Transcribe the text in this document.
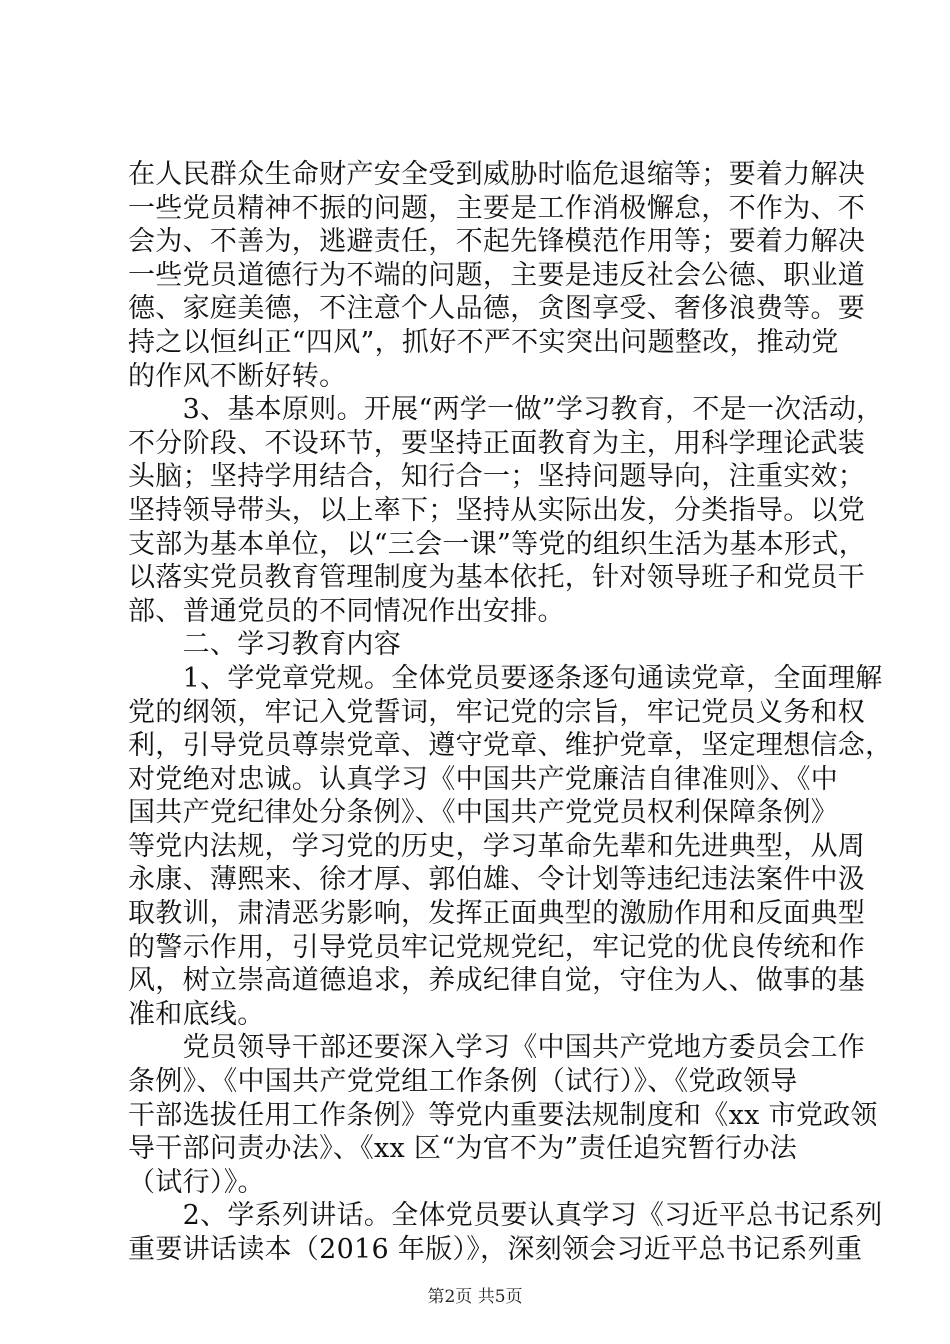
在人民群众生命财产安全受到威胁时临危退缩等；要着力解决
一些党员精神不振的问题，主要是工作消极懈怠，不作为、不
会为、不善为，逃避责任，不起先锋模范作用等；要着力解决
一些党员道德行为不端的问题，主要是违反社会公德、职业道
德、家庭美德，不注意个人品德，贪图享受、奢侈浪费等。要
持之以恒纠正“四风”，抓好不严不实突出问题整改，推动党
的作风不断好转。
　　3、基本原则。开展“两学一做”学习教育，不是一次活动，
不分阶段、不设环节，要坚持正面教育为主，用科学理论武装
头脑；坚持学用结合，知行合一；坚持问题导向，注重实效；
坚持领导带头，以上率下；坚持从实际出发，分类指导。以党
支部为基本单位，以“三会一课”等党的组织生活为基本形式，
以落实党员教育管理制度为基本依托，针对领导班子和党员干
部、普通党员的不同情况作出安排。
　　二、学习教育内容
　　1、学党章党规。全体党员要逐条逐句通读党章，全面理解
党的纲领，牢记入党誓词，牢记党的宗旨，牢记党员义务和权
利，引导党员尊崇党章、遵守党章、维护党章，坚定理想信念，
对党绝对忠诚。认真学习《中国共产党廉洁自律准则》、《中
国共产党纪律处分条例》、《中国共产党党员权利保障条例》
等党内法规，学习党的历史，学习革命先辈和先进典型，从周
永康、薄熙来、徐才厚、郭伯雄、令计划等违纪违法案件中汲
取教训，肃清恶劣影响，发挥正面典型的激励作用和反面典型
的警示作用，引导党员牢记党规党纪，牢记党的优良传统和作
风，树立崇高道德追求，养成纪律自觉，守住为人、做事的基
准和底线。
　　党员领导干部还要深入学习《中国共产党地方委员会工作
条例》、《中国共产党党组工作条例（试行）》、《党政领导
干部选拔任用工作条例》等党内重要法规制度和《xx 市党政领
导干部问责办法》、《xx 区“为官不为”责任追究暂行办法
（试行）》。
　　2、学系列讲话。全体党员要认真学习《习近平总书记系列
重要讲话读本（2016 年版）》，深刻领会习近平总书记系列重
第2页 共5页
